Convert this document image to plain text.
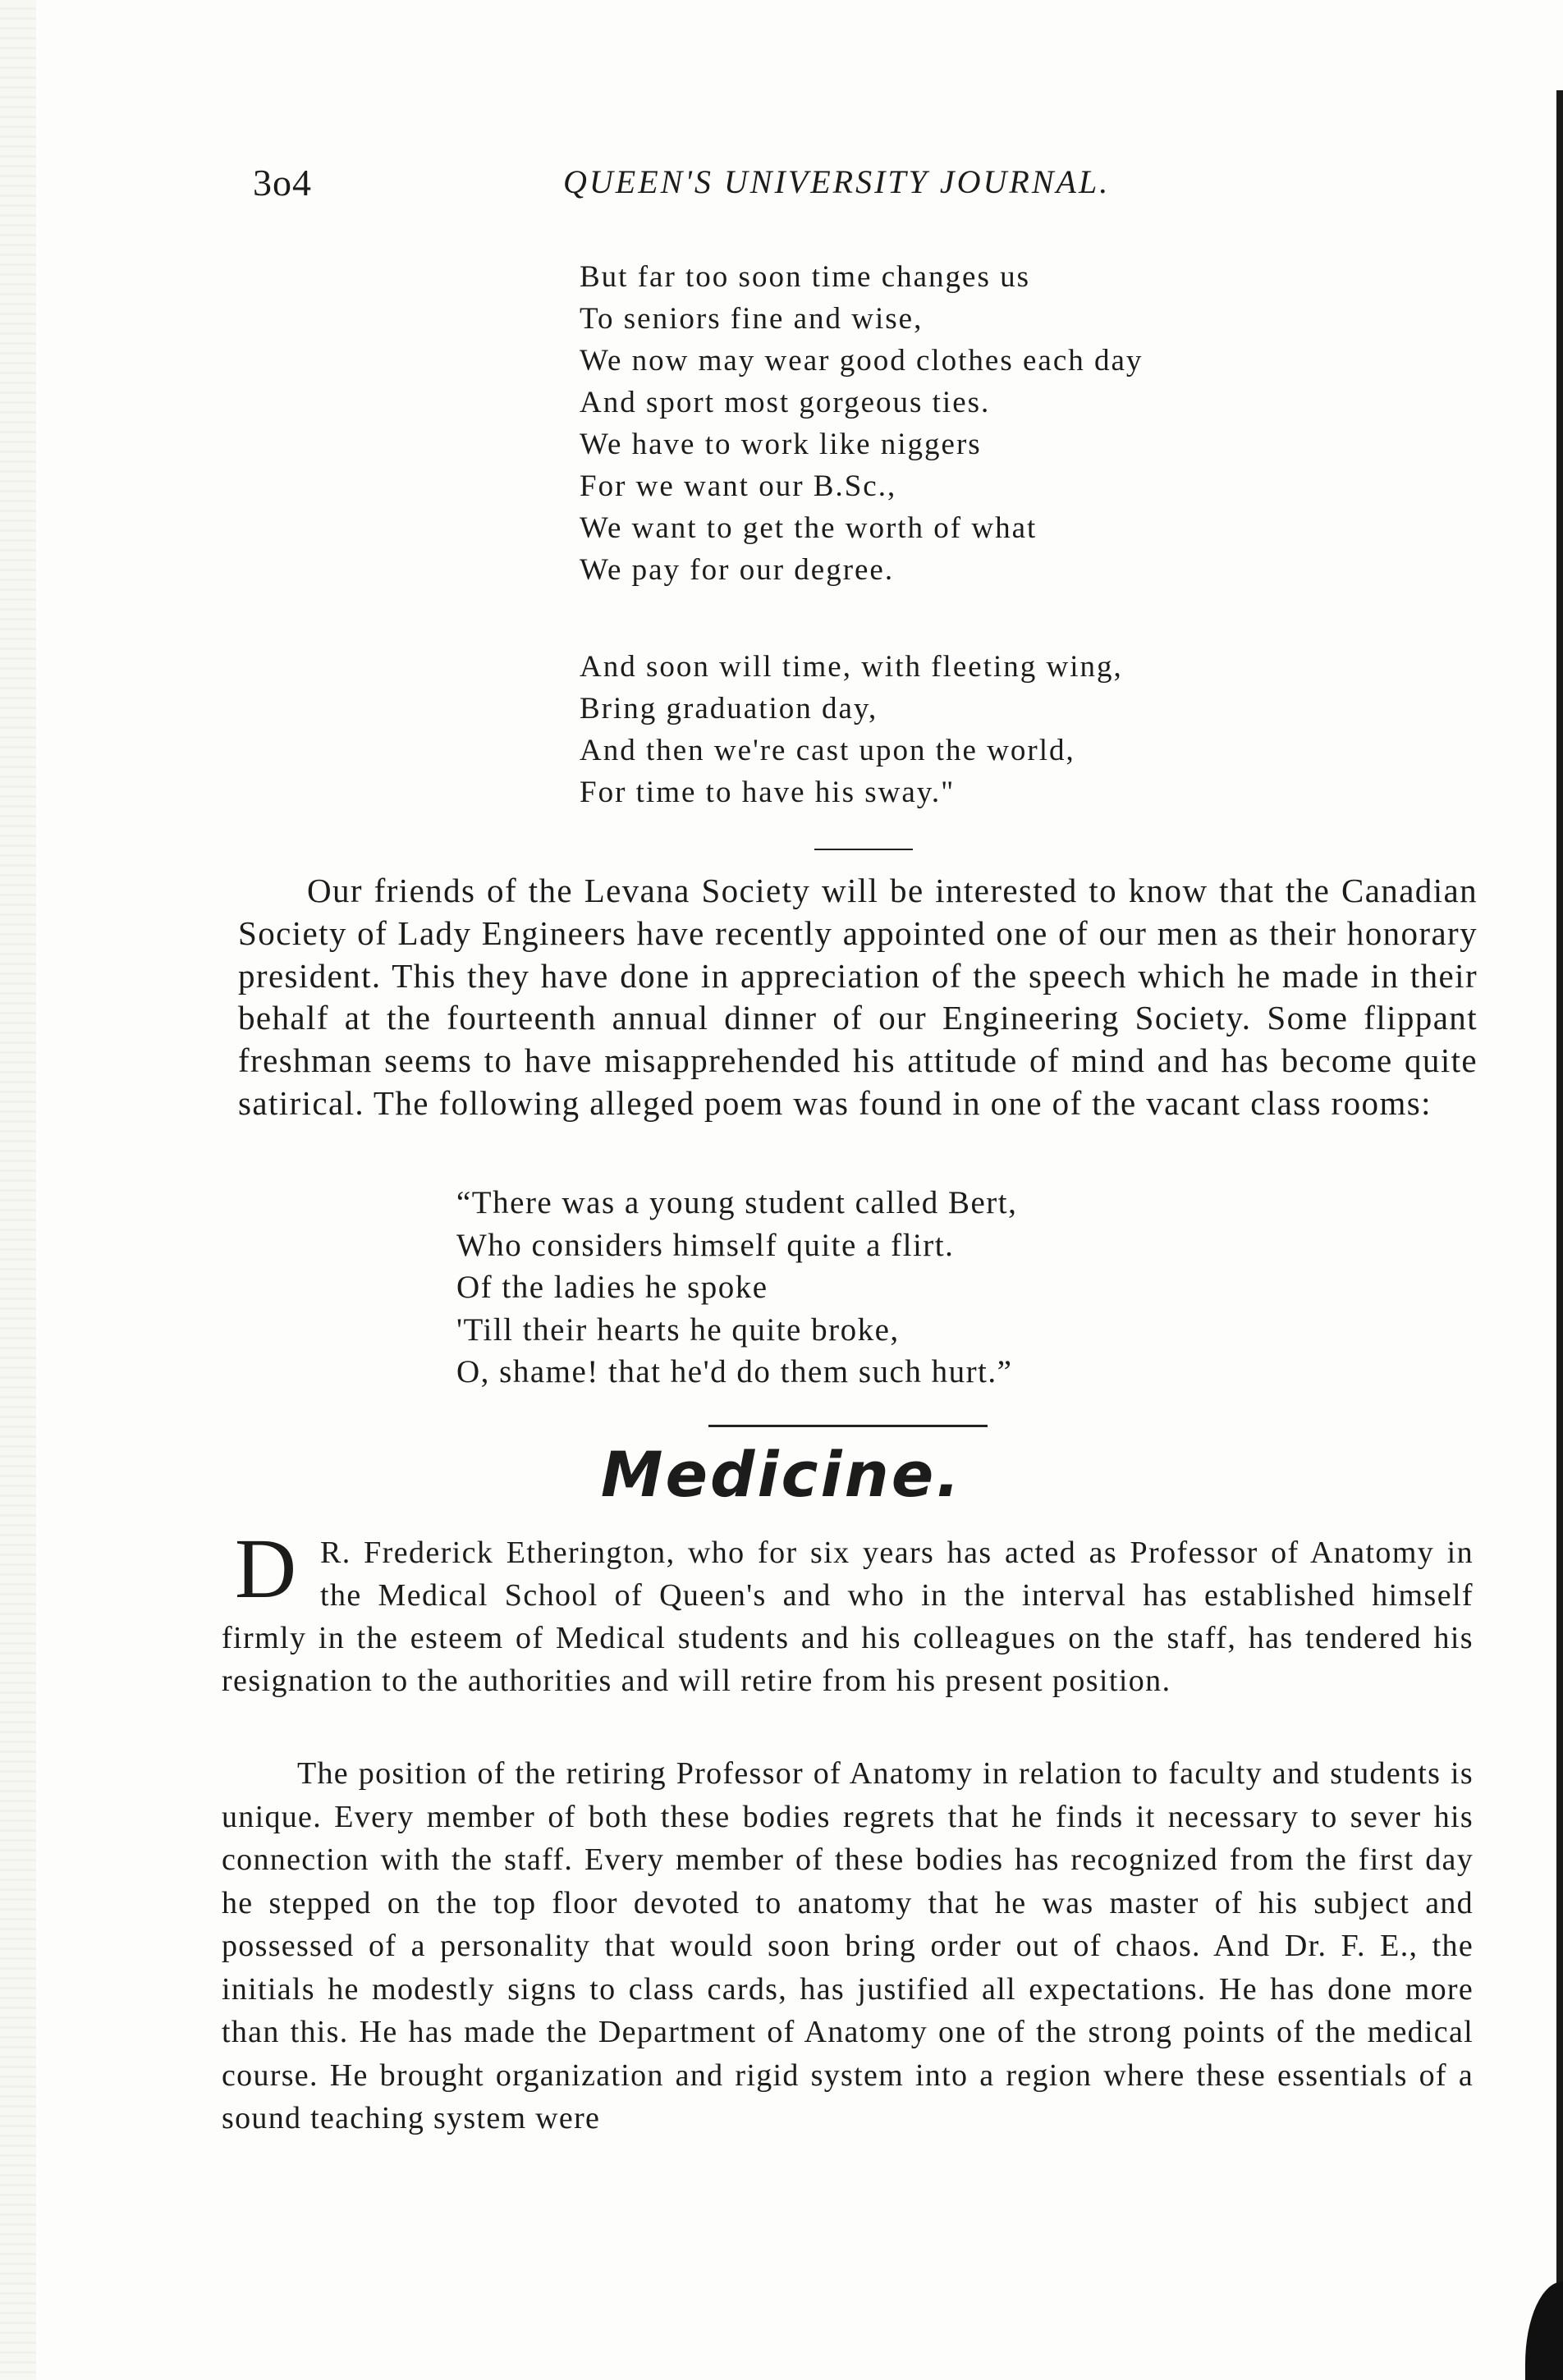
3o4	QUEEN'S UNIVERSITY JOURNAL.
But far too soon time changes us
To seniors fine and wise,
We now may wear good clothes each day
And sport most gorgeous ties.
We have to work like niggers
For we want our B.Sc.,
We want to get the worth of what
We pay for our degree.
And soon will time, with fleeting wing,
Bring graduation day,
And then we're cast upon the world,
For time to have his sway."

Our friends of the Levana Society will be interested to know that the Canadian Society of Lady Engineers have recently appointed one of our men as their honorary president. This they have done in appreciation of the speech which he made in their behalf at the fourteenth annual dinner of our Engineering Society. Some flippant freshman seems to have misapprehended his attitude of mind and has become quite satirical. The following alleged poem was found in one of the vacant class rooms:

“There was a young student called Bert,
Who considers himself quite a flirt.
Of the ladies he spoke
'Till their hearts he quite broke,
O, shame! that he'd do them such hurt.”
Medicine.
D R. Frederick Etherington, who for six years has acted as Professor of Anatomy in the Medical School of Queen's and who in the interval has established himself firmly in the esteem of Medical students and his colleagues on the staff, has tendered his resignation to the authorities and will retire from his present position.

The position of the retiring Professor of Anatomy in relation to faculty and students is unique. Every member of both these bodies regrets that he finds it necessary to sever his connection with the staff. Every member of these bodies has recognized from the first day he stepped on the top floor devoted to anatomy that he was master of his subject and possessed of a personality that would soon bring order out of chaos. And Dr. F. E., the initials he modestly signs to class cards, has justified all expectations. He has done more than this. He has made the Department of Anatomy one of the strong points of the medical course. He brought organization and rigid system into a region where these essentials of a sound teaching system were
